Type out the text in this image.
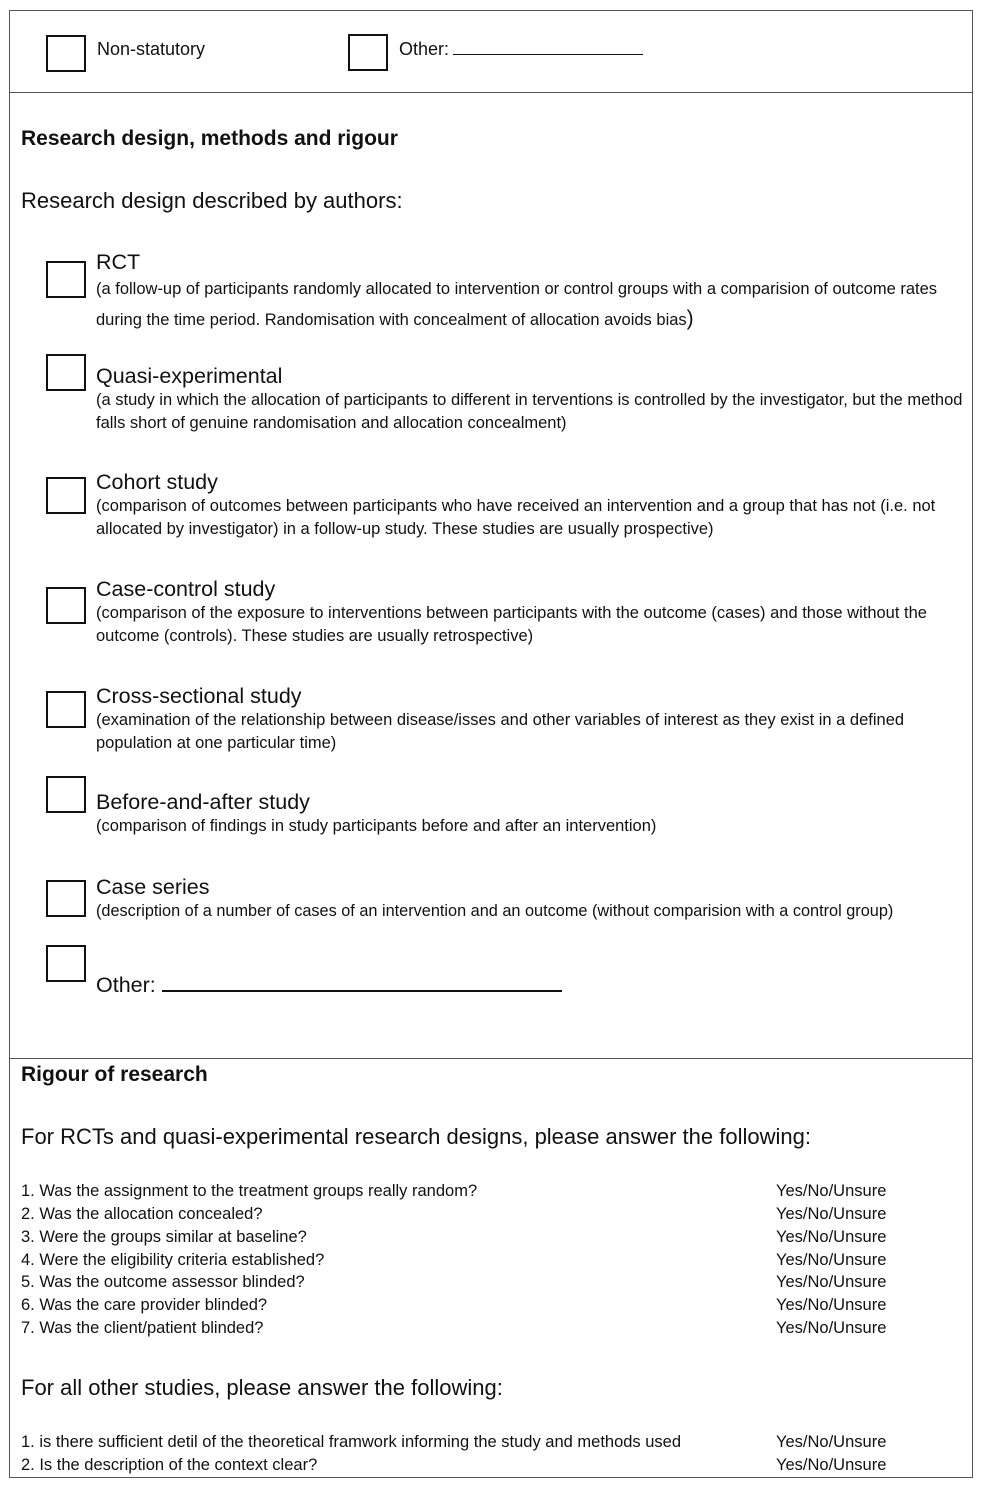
Non-statutory	Other:
Research design, methods and rigour
Research design described by authors:
RCT
(a follow-up of participants randomly allocated to intervention or control groups with a comparision of outcome rates during the time period. Randomisation with concealment of allocation avoids bias)
Quasi-experimental
(a study in which the allocation of participants to different in terventions is controlled by the investigator, but the method falls short of genuine randomisation and allocation concealment)
Cohort study
(comparison of outcomes between participants who have received an intervention and a group that has not (i.e. not allocated by investigator) in a follow-up study. These studies are usually prospective)
Case-control study
(comparison of the exposure to interventions between participants with the outcome (cases) and those without the outcome (controls). These studies are usually retrospective)
Cross-sectional study
(examination of the relationship between disease/isses and other variables of interest as they exist in a defined population at one particular time)
Before-and-after study
(comparison of findings in study participants before and after an intervention)
Case series
(description of a number of cases of an intervention and an outcome (without comparision with a control group)
Other:
Rigour of research
For RCTs and quasi-experimental research designs, please answer the following:
1. Was the assignment to the treatment groups really random?	Yes/No/Unsure
2. Was the allocation concealed?	Yes/No/Unsure
3. Were the groups similar at baseline?	Yes/No/Unsure
4. Were the eligibility criteria established?	Yes/No/Unsure
5. Was the outcome assessor blinded?	Yes/No/Unsure
6. Was the care provider blinded?	Yes/No/Unsure
7. Was the client/patient blinded?	Yes/No/Unsure
For all other studies, please answer the following:
1. is there sufficient detil of the theoretical framwork informing the study and methods used	Yes/No/Unsure
2. Is the description of the context clear?	Yes/No/Unsure
